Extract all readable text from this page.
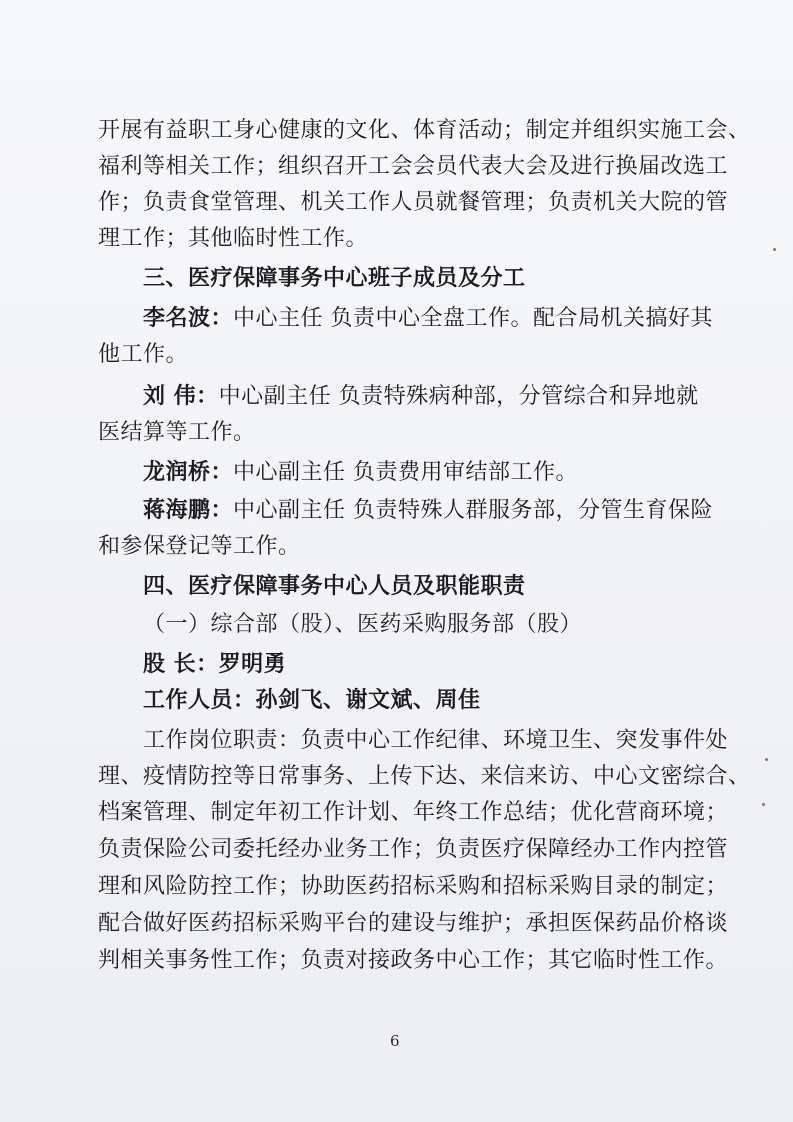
开展有益职工身心健康的文化、体育活动；制定并组织实施工会、
福利等相关工作；组织召开工会会员代表大会及进行换届改选工
作；负责食堂管理、机关工作人员就餐管理；负责机关大院的管
理工作；其他临时性工作。
三、医疗保障事务中心班子成员及分工
李名波：中心主任 负责中心全盘工作。配合局机关搞好其
他工作。
刘 伟：中心副主任 负责特殊病种部，分管综合和异地就
医结算等工作。
龙润桥：中心副主任 负责费用审结部工作。
蒋海鹏：中心副主任 负责特殊人群服务部，分管生育保险
和参保登记等工作。
四、医疗保障事务中心人员及职能职责
（一）综合部（股）、医药采购服务部（股）
股 长：罗明勇
工作人员：孙剑飞、谢文斌、周佳
工作岗位职责：负责中心工作纪律、环境卫生、突发事件处
理、疫情防控等日常事务、上传下达、来信来访、中心文密综合、
档案管理、制定年初工作计划、年终工作总结；优化营商环境；
负责保险公司委托经办业务工作；负责医疗保障经办工作内控管
理和风险防控工作；协助医药招标采购和招标采购目录的制定；
配合做好医药招标采购平台的建设与维护；承担医保药品价格谈
判相关事务性工作；负责对接政务中心工作；其它临时性工作。
6
